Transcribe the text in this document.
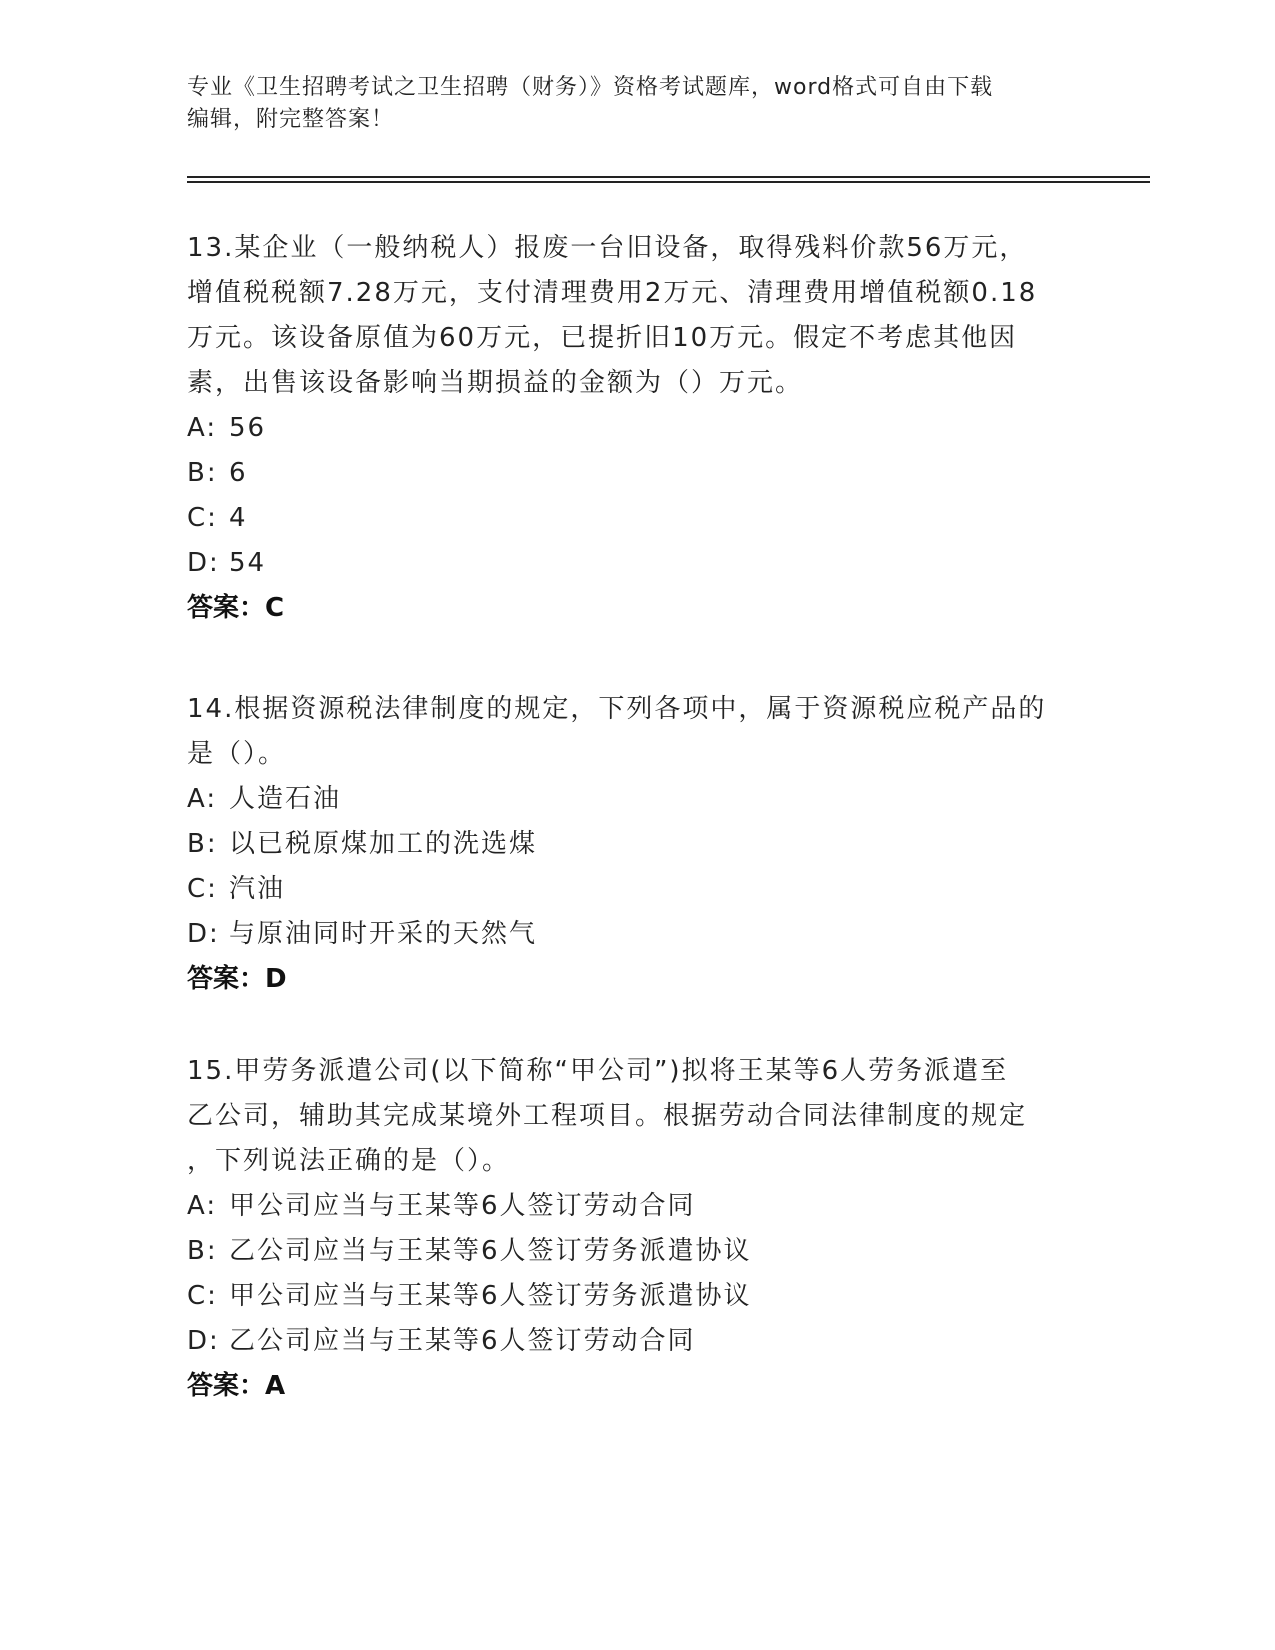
专业《卫生招聘考试之卫生招聘（财务）》资格考试题库，word格式可自由下载
编辑，附完整答案！
13.某企业（一般纳税人）报废一台旧设备，取得残料价款56万元，
增值税税额7.28万元，支付清理费用2万元、清理费用增值税额0.18
万元。该设备原值为60万元，已提折旧10万元。假定不考虑其他因
素，出售该设备影响当期损益的金额为（）万元。
A: 56
B: 6
C: 4
D: 54
答案：C
14.根据资源税法律制度的规定，下列各项中，属于资源税应税产品的
是（）。
A: 人造石油
B: 以已税原煤加工的洗选煤
C: 汽油
D: 与原油同时开采的天然气
答案：D
15.甲劳务派遣公司(以下简称“甲公司”)拟将王某等6人劳务派遣至
乙公司，辅助其完成某境外工程项目。根据劳动合同法律制度的规定
，下列说法正确的是（）。
A: 甲公司应当与王某等6人签订劳动合同
B: 乙公司应当与王某等6人签订劳务派遣协议
C: 甲公司应当与王某等6人签订劳务派遣协议
D: 乙公司应当与王某等6人签订劳动合同
答案：A
